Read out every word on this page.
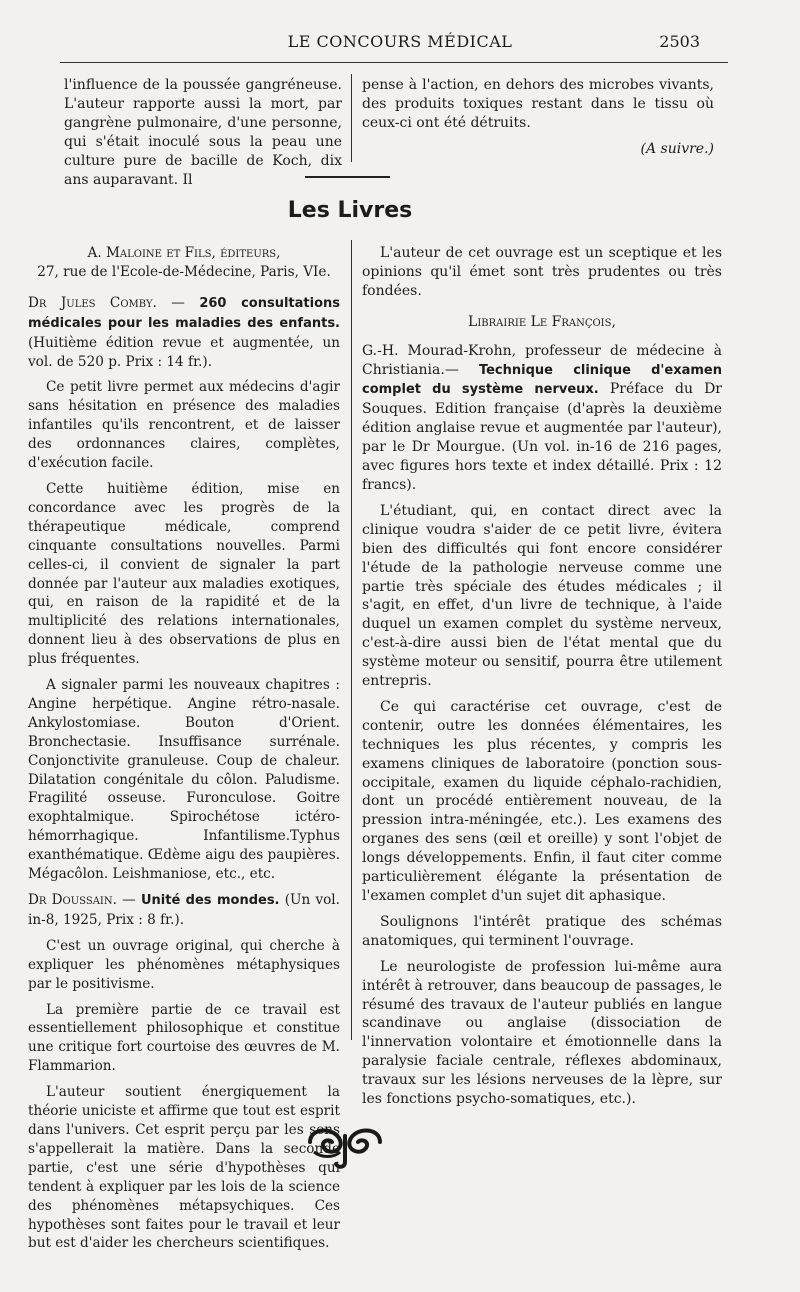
LE CONCOURS MÉDICAL	2503

l'influence de la poussée gangréneuse. L'auteur rapporte aussi la mort, par gangrène pulmonaire, d'une personne, qui s'était inoculé sous la peau une culture pure de bacille de Koch, dix ans auparavant. Il

pense à l'action, en dehors des microbes vivants, des produits toxiques restant dans le tissu où ceux-ci ont été détruits.

(A suivre.)
Les Livres
A. Maloine et Fils, éditeurs,
27, rue de l'Ecole-de-Médecine, Paris, VIe.

Dr Jules Comby. — 260 consultations médicales pour les maladies des enfants. (Huitième édition revue et augmentée, un vol. de 520 p. Prix : 14 fr.).

Ce petit livre permet aux médecins d'agir sans hésitation en présence des maladies infantiles qu'ils rencontrent, et de laisser des ordonnances claires, complètes, d'exécution facile.

Cette huitième édition, mise en concordance avec les progrès de la thérapeutique médicale, comprend cinquante consultations nouvelles. Parmi celles-ci, il convient de signaler la part donnée par l'auteur aux maladies exotiques, qui, en raison de la rapidité et de la multiplicité des relations internationales, donnent lieu à des observations de plus en plus fréquentes.

A signaler parmi les nouveaux chapitres : Angine herpétique. Angine rétro-nasale. Ankylostomiase. Bouton d'Orient. Bronchectasie. Insuffisance surrénale. Conjonctivite granuleuse. Coup de chaleur. Dilatation congénitale du côlon. Paludisme. Fragilité osseuse. Furonculose. Goitre exophtalmique. Spirochétose ictéro-hémorrhagique. Infantilisme.Typhus exanthématique. Œdème aigu des paupières. Mégacôlon. Leishmaniose, etc., etc.

Dr Doussain. — Unité des mondes. (Un vol. in-8, 1925, Prix : 8 fr.).

C'est un ouvrage original, qui cherche à expliquer les phénomènes métaphysiques par le positivisme.

La première partie de ce travail est essentiellement philosophique et constitue une critique fort courtoise des œuvres de M. Flammarion.

L'auteur soutient énergiquement la théorie uniciste et affirme que tout est esprit dans l'univers. Cet esprit perçu par les sens s'appellerait la matière. Dans la seconde partie, c'est une série d'hypothèses qui tendent à expliquer par les lois de la science des phénomènes métapsychiques. Ces hypothèses sont faites pour le travail et leur but est d'aider les chercheurs scientifiques.

L'auteur de cet ouvrage est un sceptique et les opinions qu'il émet sont très prudentes ou très fondées.

Librairie Le François,

G.-H. Mourad-Krohn, professeur de médecine à Christiania.— Technique clinique d'examen complet du système nerveux. Préface du Dr Souques. Edition française (d'après la deuxième édition anglaise revue et augmentée par l'auteur), par le Dr Mourgue. (Un vol. in-16 de 216 pages, avec figures hors texte et index détaillé. Prix : 12 francs).

L'étudiant, qui, en contact direct avec la clinique voudra s'aider de ce petit livre, évitera bien des difficultés qui font encore considérer l'étude de la pathologie nerveuse comme une partie très spéciale des études médicales ; il s'agit, en effet, d'un livre de technique, à l'aide duquel un examen complet du système nerveux, c'est-à-dire aussi bien de l'état mental que du système moteur ou sensitif, pourra être utilement entrepris.

Ce qui caractérise cet ouvrage, c'est de contenir, outre les données élémentaires, les techniques les plus récentes, y compris les examens cliniques de laboratoire (ponction sous-occipitale, examen du liquide céphalo-rachidien, dont un procédé entièrement nouveau, de la pression intra-méningée, etc.). Les examens des organes des sens (œil et oreille) y sont l'objet de longs développements. Enfin, il faut citer comme particulièrement élégante la présentation de l'examen complet d'un sujet dit aphasique.

Soulignons l'intérêt pratique des schémas anatomiques, qui terminent l'ouvrage.

Le neurologiste de profession lui-même aura intérêt à retrouver, dans beaucoup de passages, le résumé des travaux de l'auteur publiés en langue scandinave ou anglaise (dissociation de l'innervation volontaire et émotionnelle dans la paralysie faciale centrale, réflexes abdominaux, travaux sur les lésions nerveuses de la lèpre, sur les fonctions psycho-somatiques, etc.).
